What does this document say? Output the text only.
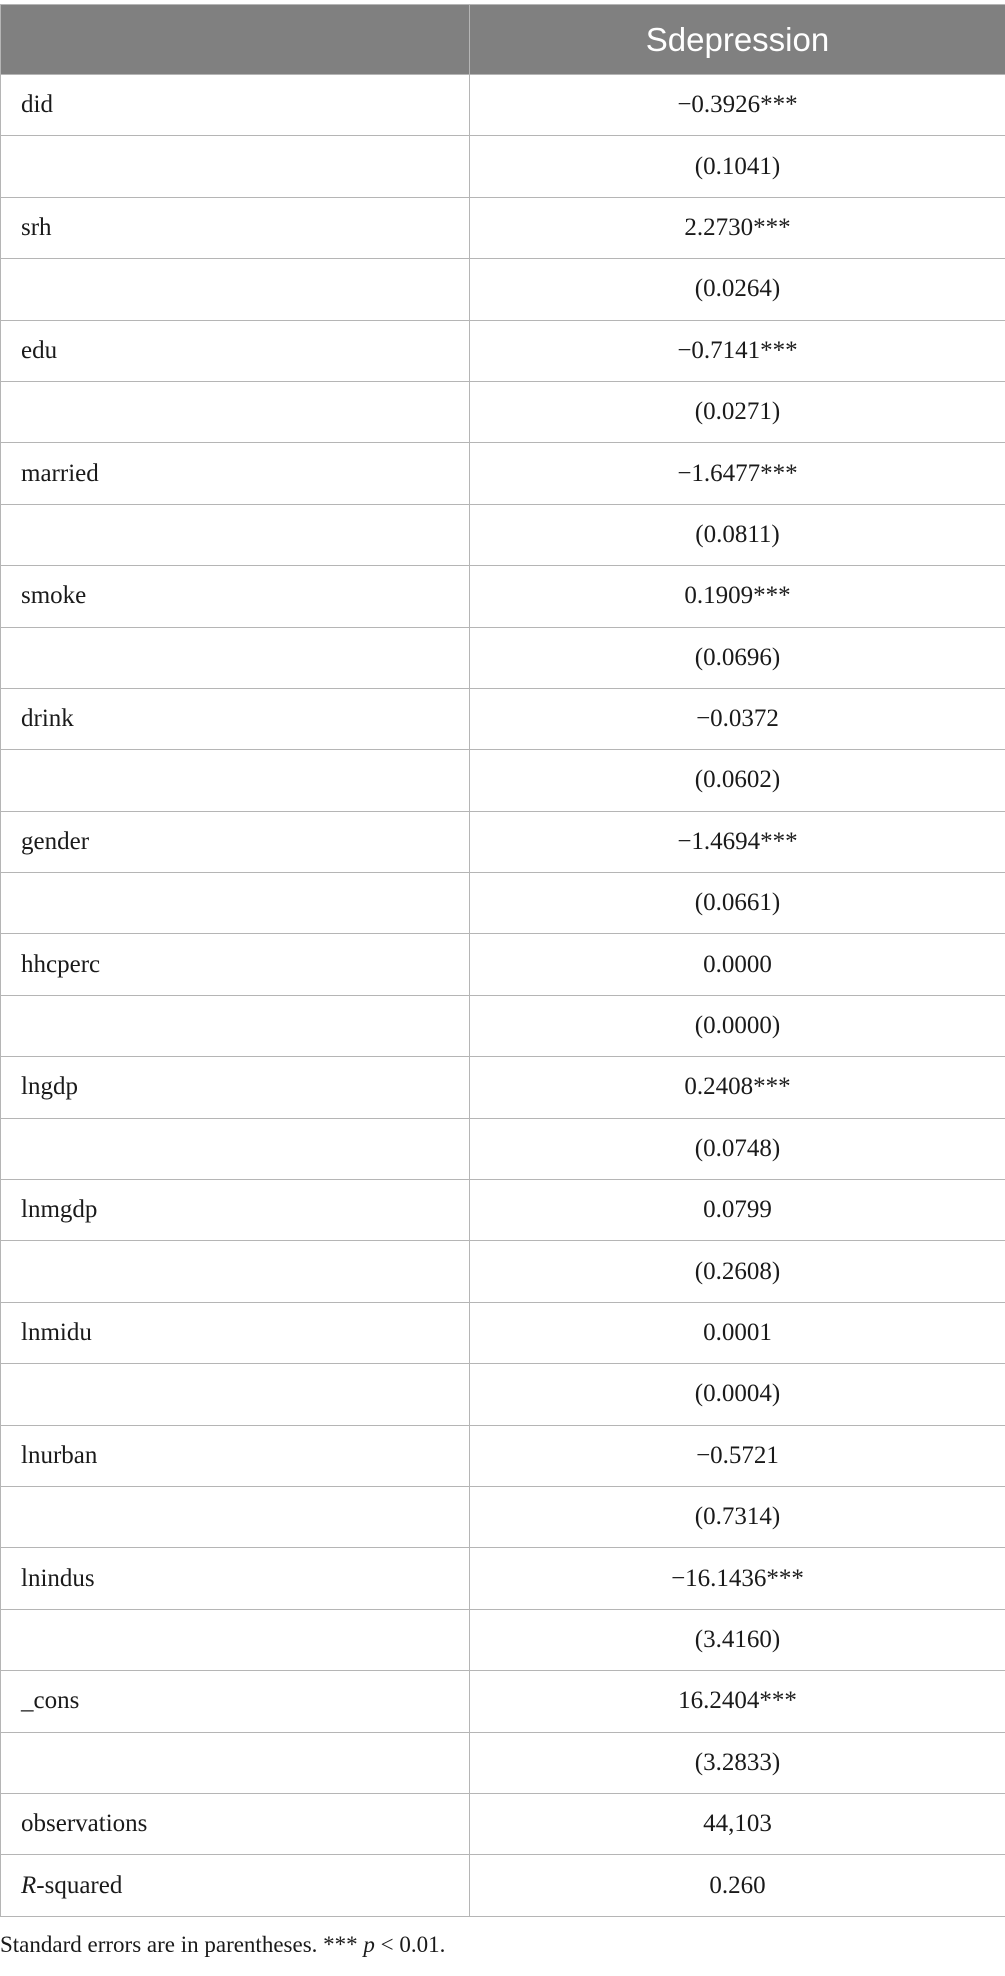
	Sdepression
did	−0.3926***
	(0.1041)
srh	2.2730***
	(0.0264)
edu	−0.7141***
	(0.0271)
married	−1.6477***
	(0.0811)
smoke	0.1909***
	(0.0696)
drink	−0.0372
	(0.0602)
gender	−1.4694***
	(0.0661)
hhcperc	0.0000
	(0.0000)
lngdp	0.2408***
	(0.0748)
lnmgdp	0.0799
	(0.2608)
lnmidu	0.0001
	(0.0004)
lnurban	−0.5721
	(0.7314)
lnindus	−16.1436***
	(3.4160)
_cons	16.2404***
	(3.2833)
observations	44,103
R-squared	0.260
Standard errors are in parentheses. *** p < 0.01.
